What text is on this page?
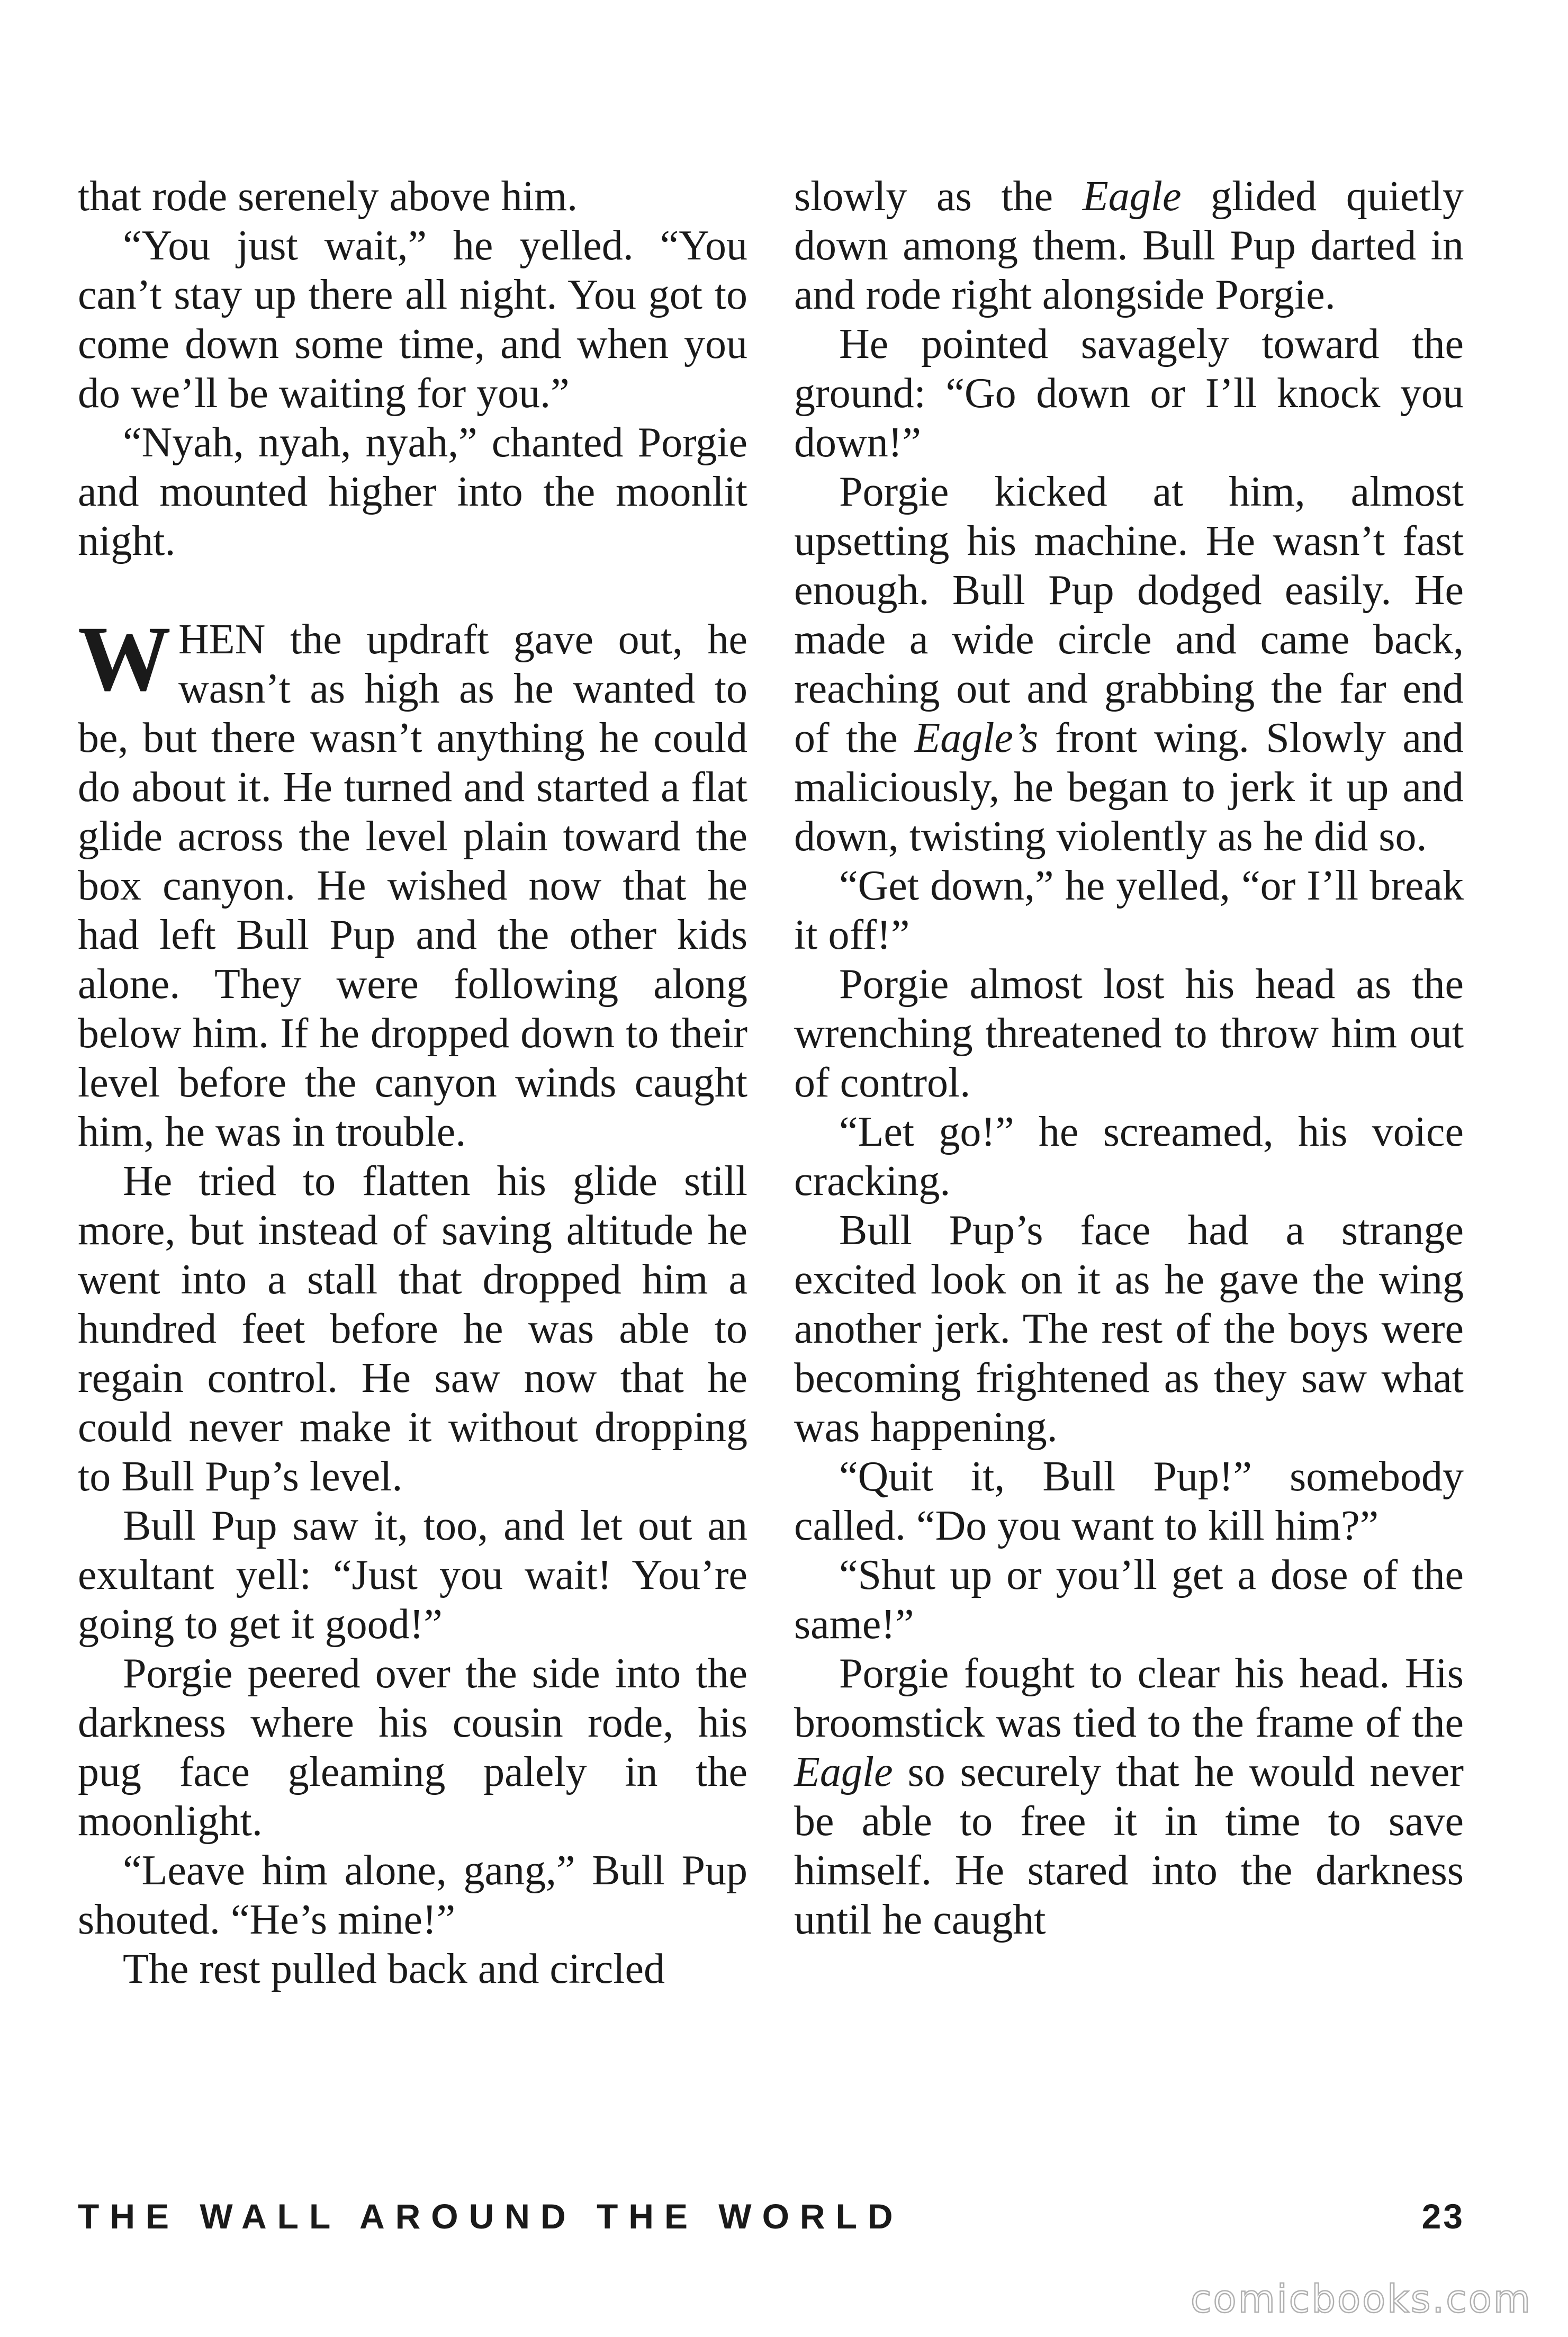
that rode serenely above him.

“You just wait,” he yelled. “You can’t stay up there all night. You got to come down some time, and when you do we’ll be waiting for you.”

“Nyah, nyah, nyah,” chanted Porgie and mounted higher into the moonlit night.

WHEN the updraft gave out, he wasn’t as high as he wanted to be, but there wasn’t anything he could do about it. He turned and started a flat glide across the level plain toward the box canyon. He wished now that he had left Bull Pup and the other kids alone. They were following along below him. If he dropped down to their level before the canyon winds caught him, he was in trouble.

He tried to flatten his glide still more, but instead of saving altitude he went into a stall that dropped him a hundred feet before he was able to regain control. He saw now that he could never make it without dropping to Bull Pup’s level.

Bull Pup saw it, too, and let out an exultant yell: “Just you wait! You’re going to get it good!”

Porgie peered over the side into the darkness where his cousin rode, his pug face gleaming palely in the moonlight.

“Leave him alone, gang,” Bull Pup shouted. “He’s mine!”

The rest pulled back and circled

slowly as the Eagle glided quietly down among them. Bull Pup darted in and rode right alongside Porgie.

He pointed savagely toward the ground: “Go down or I’ll knock you down!”

Porgie kicked at him, almost upsetting his machine. He wasn’t fast enough. Bull Pup dodged easily. He made a wide circle and came back, reaching out and grabbing the far end of the Eagle’s front wing. Slowly and maliciously, he began to jerk it up and down, twisting violently as he did so.

“Get down,” he yelled, “or I’ll break it off!”

Porgie almost lost his head as the wrenching threatened to throw him out of control.

“Let go!” he screamed, his voice cracking.

Bull Pup’s face had a strange excited look on it as he gave the wing another jerk. The rest of the boys were becoming frightened as they saw what was happening.

“Quit it, Bull Pup!” somebody called. “Do you want to kill him?”

“Shut up or you’ll get a dose of the same!”

Porgie fought to clear his head. His broomstick was tied to the frame of the Eagle so securely that he would never be able to free it in time to save himself. He stared into the darkness until he caught

THE WALL AROUND THE WORLD	23
comicbooks.com
